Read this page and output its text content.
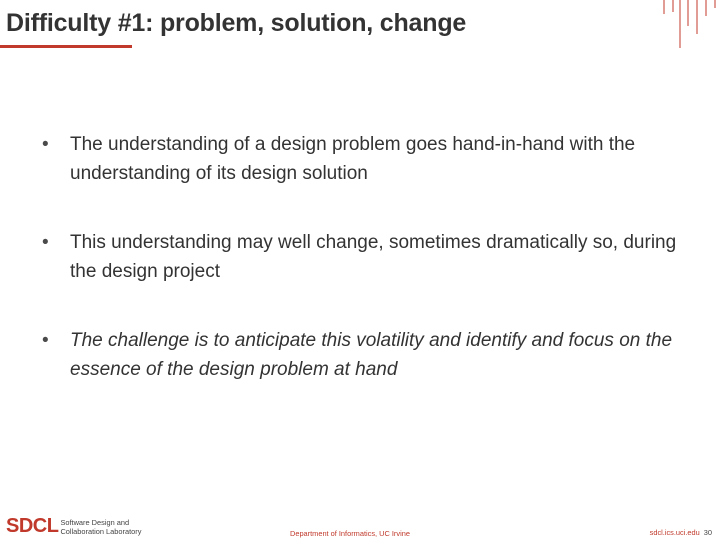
Difficulty #1: problem, solution, change
• The understanding of a design problem goes hand-in-hand with the understanding of its design solution
• This understanding may well change, sometimes dramatically so, during the design project
• The challenge is to anticipate this volatility and identify and focus on the essence of the design problem at hand
SDCL Software Design and
Collaboration Laboratory	Department of Informatics, UC Irvine	sdcl.ics.uci.edu 30
